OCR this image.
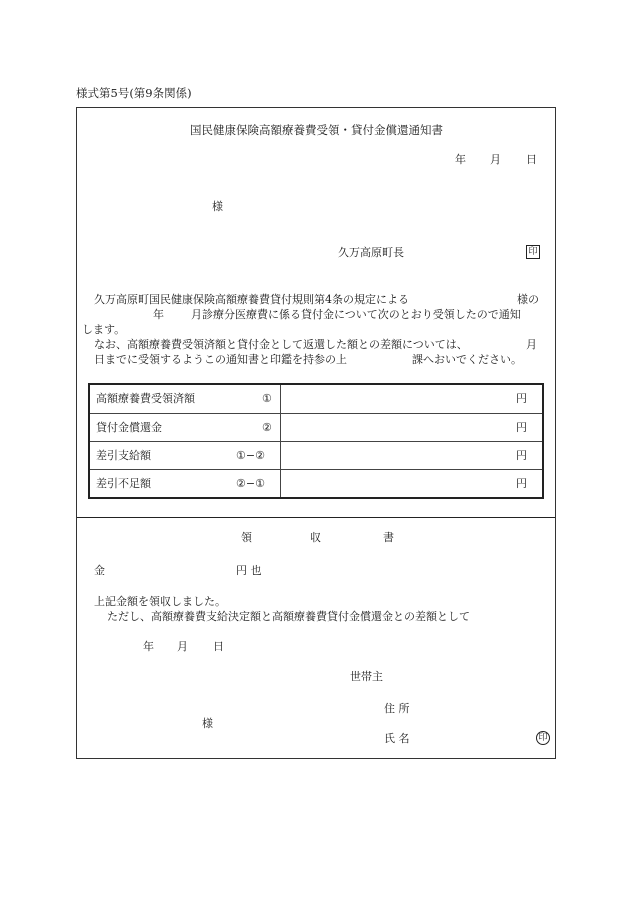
様式第5号(第9条関係)
国民健康保険高額療養費受領・貸付金償還通知書
年 月 日
様
久万高原町長	印
久万高原町国民健康保険高額療養費貸付規則第4条の規定による	様の
年 月診療分医療費に係る貸付金について次のとおり受領したので通知
します。
なお、高額療養費受領済額と貸付金として返還した額との差額については、	月
日までに受領するようこの通知書と印鑑を持参の上	課へおいでください。
高額療養費受領済額	①	円
貸付金償還金	②	円
差引支給額	①−②	円
差引不足額	②−①	円
領	収	書
金	円 也
上記金額を領収しました。
ただし、高額療養費支給決定額と高額療養費貸付金償還金との差額として
年 月 日
世帯主
住 所
様
氏 名	印
